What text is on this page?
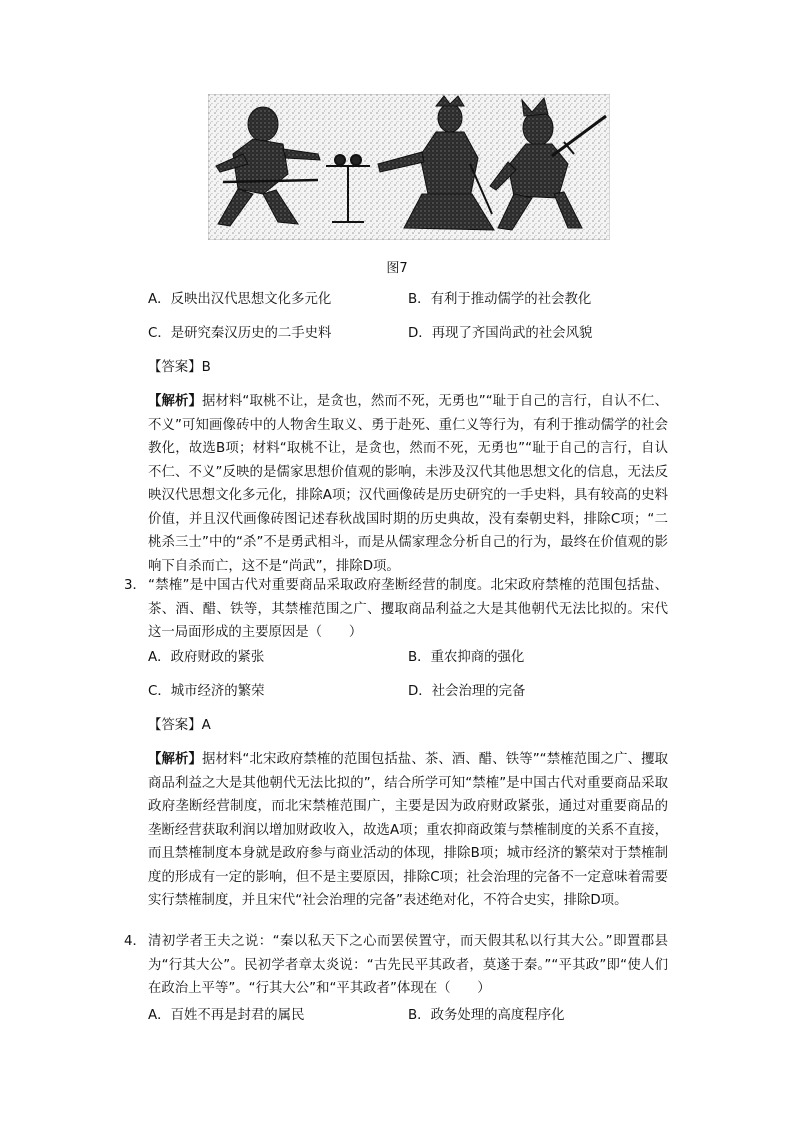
图7
A．反映出汉代思想文化多元化	B．有利于推动儒学的社会教化
C．是研究秦汉历史的二手史料	D．再现了齐国尚武的社会风貌
【答案】B
【解析】据材料“取桃不让，是贪也，然而不死，无勇也”“耻于自己的言行，自认不仁、不义”可知画像砖中的人物舍生取义、勇于赴死、重仁义等行为，有利于推动儒学的社会教化，故选B项；材料“取桃不让，是贪也，然而不死，无勇也”“耻于自己的言行，自认不仁、不义”反映的是儒家思想价值观的影响，未涉及汉代其他思想文化的信息，无法反映汉代思想文化多元化，排除A项；汉代画像砖是历史研究的一手史料，具有较高的史料价值，并且汉代画像砖图记述春秋战国时期的历史典故，没有秦朝史料，排除C项；“二桃杀三士”中的“杀”不是勇武相斗，而是从儒家理念分析自己的行为，最终在价值观的影响下自杀而亡，这不是“尚武”，排除D项。
3． “禁榷”是中国古代对重要商品采取政府垄断经营的制度。北宋政府禁榷的范围包括盐、茶、酒、醋、铁等，其禁榷范围之广、攫取商品利益之大是其他朝代无法比拟的。宋代这一局面形成的主要原因是（　　）
A．政府财政的紧张	B．重农抑商的强化
C．城市经济的繁荣	D．社会治理的完备
【答案】A
【解析】据材料“北宋政府禁榷的范围包括盐、茶、酒、醋、铁等”“禁榷范围之广、攫取商品利益之大是其他朝代无法比拟的”，结合所学可知“禁榷”是中国古代对重要商品采取政府垄断经营制度，而北宋禁榷范围广，主要是因为政府财政紧张，通过对重要商品的垄断经营获取利润以增加财政收入，故选A项；重农抑商政策与禁榷制度的关系不直接，而且禁榷制度本身就是政府参与商业活动的体现，排除B项；城市经济的繁荣对于禁榷制度的形成有一定的影响，但不是主要原因，排除C项；社会治理的完备不一定意味着需要实行禁榷制度，并且宋代“社会治理的完备”表述绝对化，不符合史实，排除D项。
4． 清初学者王夫之说：“秦以私天下之心而罢侯置守，而天假其私以行其大公。”即置郡县为“行其大公”。民初学者章太炎说：“古先民平其政者，莫遂于秦。”“平其政”即“使人们在政治上平等”。“行其大公”和“平其政者”体现在（　　）
A．百姓不再是封君的属民	B．政务处理的高度程序化
